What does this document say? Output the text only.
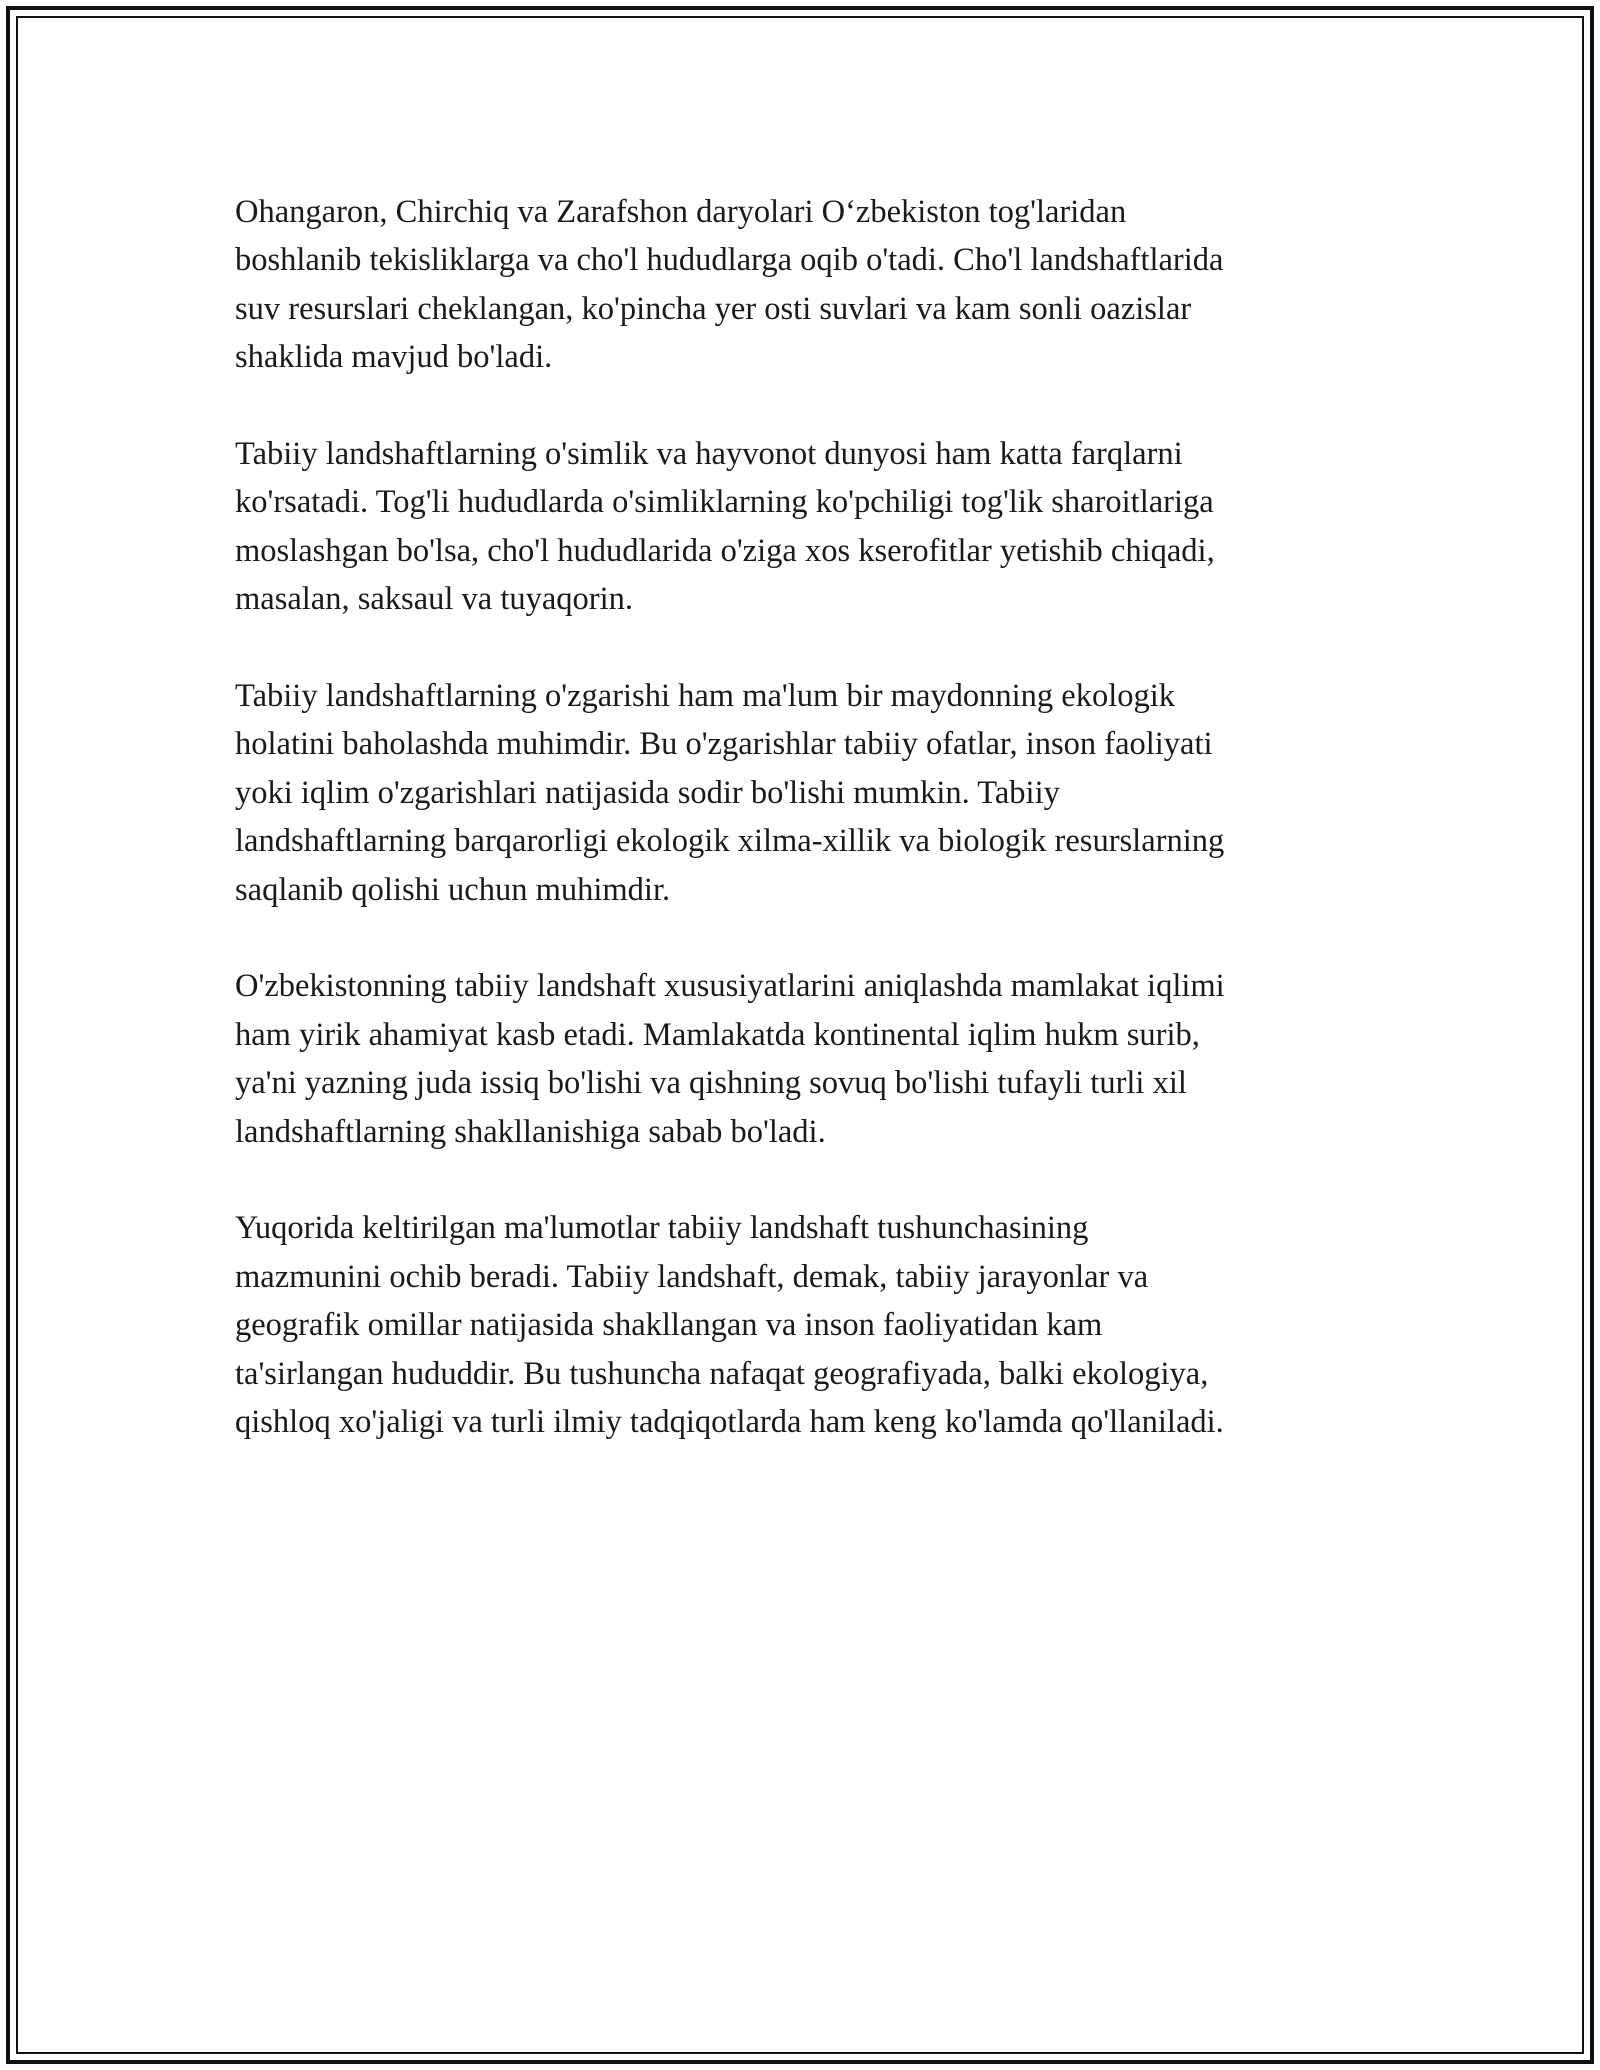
Ohangaron, Chirchiq va Zarafshon daryolari O‘zbekiston tog'laridan
boshlanib tekisliklarga va cho'l hududlarga oqib o'tadi. Cho'l landshaftlarida
suv resurslari cheklangan, ko'pincha yer osti suvlari va kam sonli oazislar
shaklida mavjud bo'ladi.

Tabiiy landshaftlarning o'simlik va hayvonot dunyosi ham katta farqlarni
ko'rsatadi. Tog'li hududlarda o'simliklarning ko'pchiligi tog'lik sharoitlariga
moslashgan bo'lsa, cho'l hududlarida o'ziga xos kserofitlar yetishib chiqadi,
masalan, saksaul va tuyaqorin.

Tabiiy landshaftlarning o'zgarishi ham ma'lum bir maydonning ekologik
holatini baholashda muhimdir. Bu o'zgarishlar tabiiy ofatlar, inson faoliyati
yoki iqlim o'zgarishlari natijasida sodir bo'lishi mumkin. Tabiiy
landshaftlarning barqarorligi ekologik xilma-xillik va biologik resurslarning
saqlanib qolishi uchun muhimdir.

O'zbekistonning tabiiy landshaft xususiyatlarini aniqlashda mamlakat iqlimi
ham yirik ahamiyat kasb etadi. Mamlakatda kontinental iqlim hukm surib,
ya'ni yazning juda issiq bo'lishi va qishning sovuq bo'lishi tufayli turli xil
landshaftlarning shakllanishiga sabab bo'ladi.

Yuqorida keltirilgan ma'lumotlar tabiiy landshaft tushunchasining
mazmunini ochib beradi. Tabiiy landshaft, demak, tabiiy jarayonlar va
geografik omillar natijasida shakllangan va inson faoliyatidan kam
ta'sirlangan hududdir. Bu tushuncha nafaqat geografiyada, balki ekologiya,
qishloq xo'jaligi va turli ilmiy tadqiqotlarda ham keng ko'lamda qo'llaniladi.
